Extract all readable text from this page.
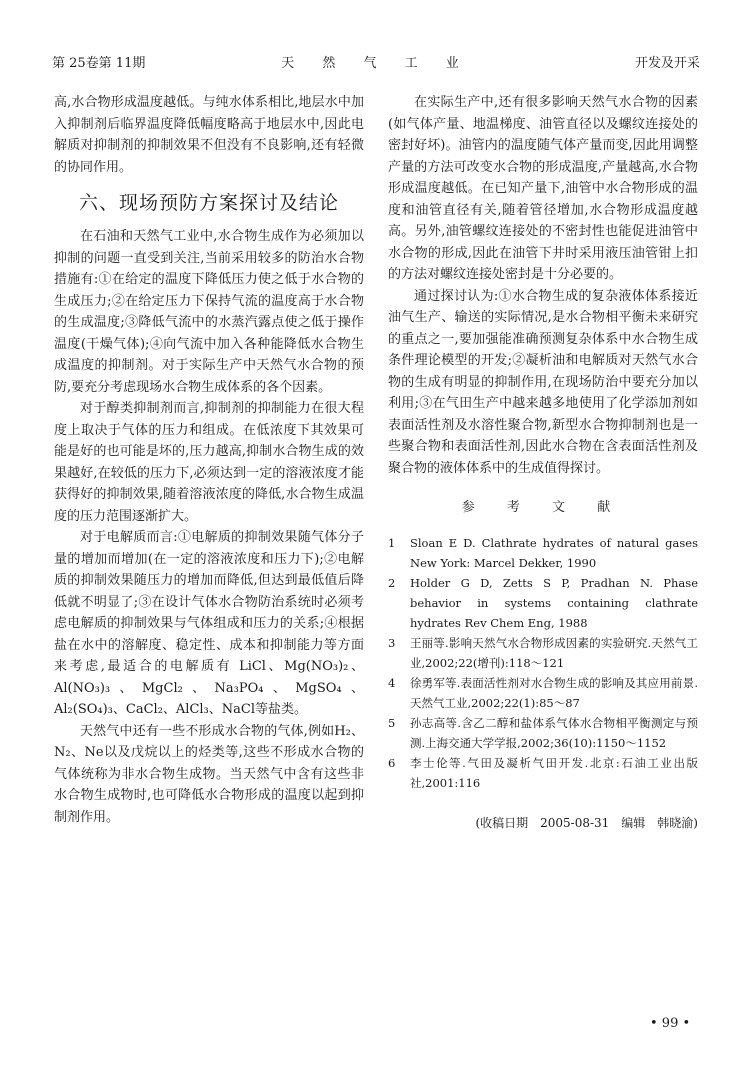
第 25卷第 11期	天 然 气 工 业	开发及开采

高,水合物形成温度越低。与纯水体系相比,地层水中加入抑制剂后临界温度降低幅度略高于地层水中,因此电解质对抑制剂的抑制效果不但没有不良影响,还有轻微的协同作用。

六、现场预防方案探讨及结论

在石油和天然气工业中,水合物生成作为必须加以抑制的问题一直受到关注,当前采用较多的防治水合物措施有:①在给定的温度下降低压力使之低于水合物的生成压力;②在给定压力下保持气流的温度高于水合物的生成温度;③降低气流中的水蒸汽露点使之低于操作温度(干燥气体);④向气流中加入各种能降低水合物生成温度的抑制剂。对于实际生产中天然气水合物的预防,要充分考虑现场水合物生成体系的各个因素。

对于醇类抑制剂而言,抑制剂的抑制能力在很大程度上取决于气体的压力和组成。在低浓度下其效果可能是好的也可能是坏的,压力越高,抑制水合物生成的效果越好,在较低的压力下,必须达到一定的溶液浓度才能获得好的抑制效果,随着溶液浓度的降低,水合物生成温度的压力范围逐渐扩大。

对于电解质而言:①电解质的抑制效果随气体分子量的增加而增加(在一定的溶液浓度和压力下);②电解质的抑制效果随压力的增加而降低,但达到最低值后降低就不明显了;③在设计气体水合物防治系统时必须考虑电解质的抑制效果与气体组成和压力的关系;④根据盐在水中的溶解度、稳定性、成本和抑制能力等方面来考虑,最适合的电解质有 LiCl、Mg(NO₃)₂、Al(NO₃)₃、MgCl₂、Na₃PO₄、MgSO₄、Al₂(SO₄)₃、CaCl₂、AlCl₃、NaCl等盐类。

天然气中还有一些不形成水合物的气体,例如H₂、N₂、Ne以及戊烷以上的烃类等,这些不形成水合物的气体统称为非水合物生成物。当天然气中含有这些非水合物生成物时,也可降低水合物形成的温度以起到抑制剂作用。

在实际生产中,还有很多影响天然气水合物的因素(如气体产量、地温梯度、油管直径以及螺纹连接处的密封好坏)。油管内的温度随气体产量而变,因此用调整产量的方法可改变水合物的形成温度,产量越高,水合物形成温度越低。在已知产量下,油管中水合物形成的温度和油管直径有关,随着管径增加,水合物形成温度越高。另外,油管螺纹连接处的不密封性也能促进油管中水合物的形成,因此在油管下井时采用液压油管钳上扣的方法对螺纹连接处密封是十分必要的。

通过探讨认为:①水合物生成的复杂液体体系接近油气生产、输送的实际情况,是水合物相平衡未来研究的重点之一,要加强能准确预测复杂体系中水合物生成条件理论模型的开发;②凝析油和电解质对天然气水合物的生成有明显的抑制作用,在现场防治中要充分加以利用;③在气田生产中越来越多地使用了化学添加剂如表面活性剂及水溶性聚合物,新型水合物抑制剂也是一些聚合物和表面活性剂,因此水合物在含表面活性剂及聚合物的液体体系中的生成值得探讨。

参 考 文 献
1	Sloan E D. Clathrate hydrates of natural gases New York: Marcel Dekker, 1990
2	Holder G D, Zetts S P, Pradhan N. Phase behavior in systems containing clathrate hydrates Rev Chem Eng, 1988
3	王丽等.影响天然气水合物形成因素的实验研究.天然气工业,2002;22(增刊):118～121
4	徐勇军等.表面活性剂对水合物生成的影响及其应用前景.天然气工业,2002;22(1):85～87
5	孙志高等.含乙二醇和盐体系气体水合物相平衡测定与预测.上海交通大学学报,2002;36(10):1150～1152
6	李士伦等.气田及凝析气田开发.北京:石油工业出版社,2001:116
(收稿日期　2005-08-31　编辑　韩晓渝)
• 99 •
